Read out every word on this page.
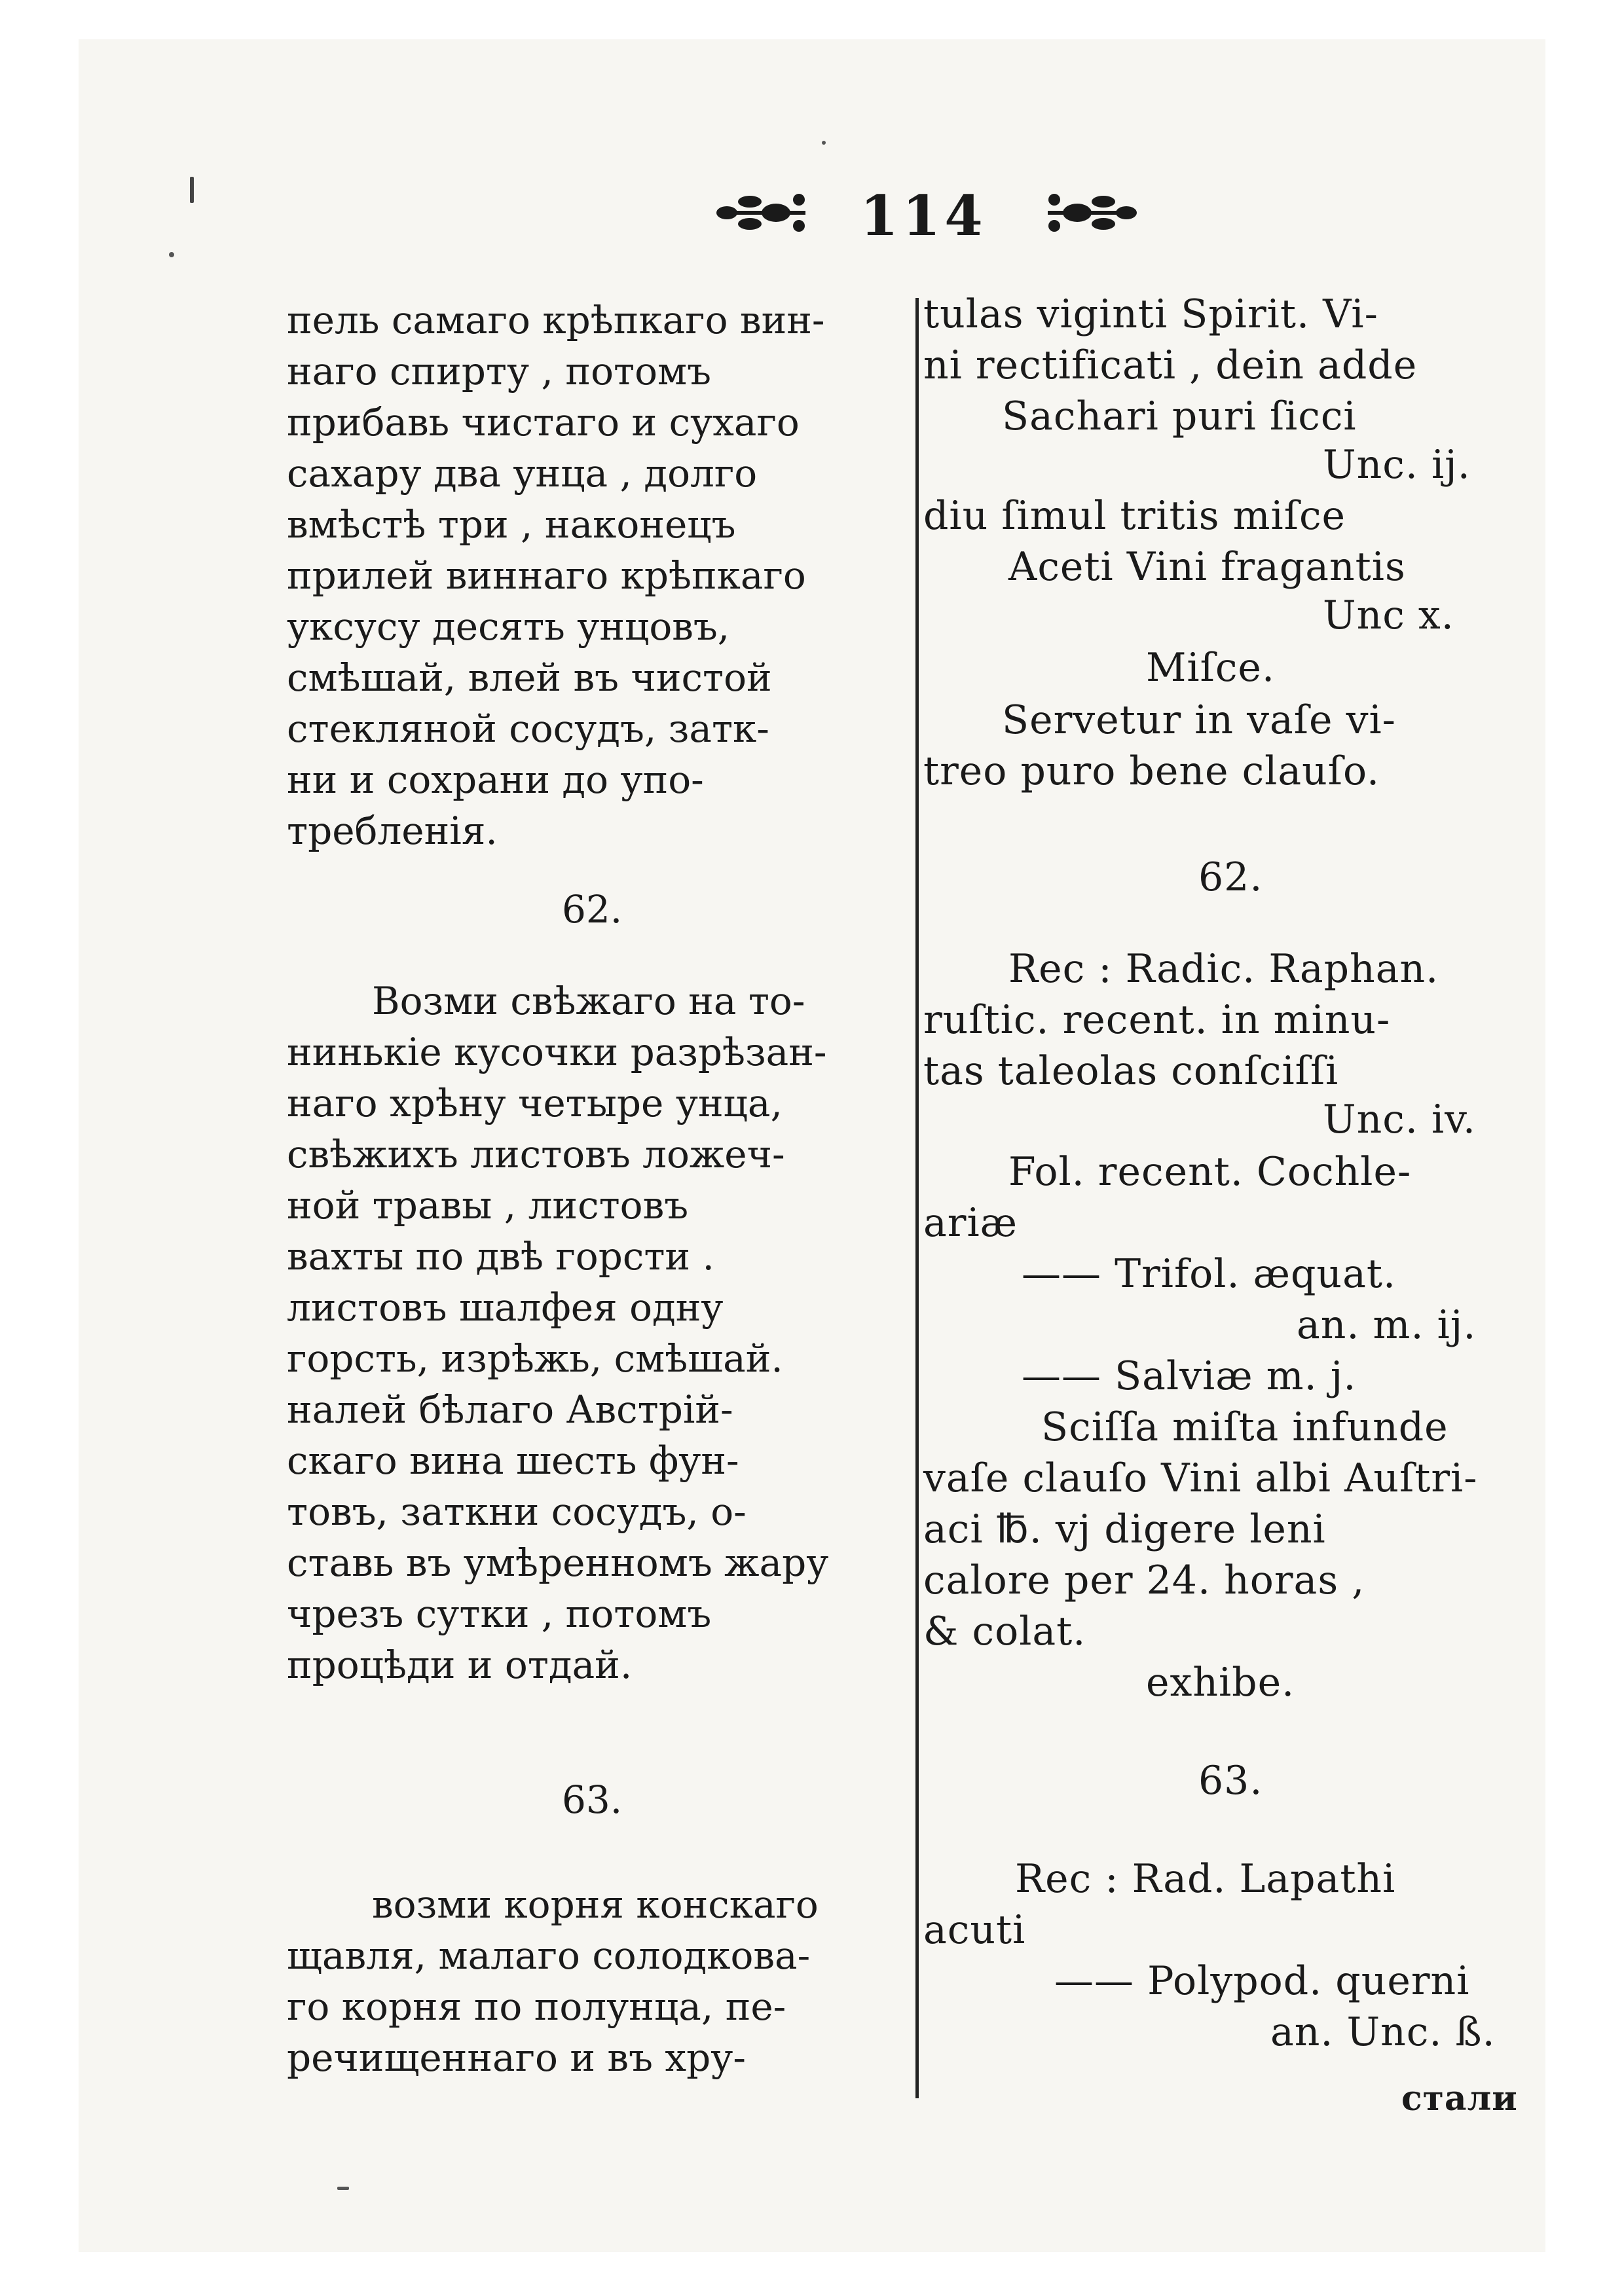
114
пель самаго крѣпкаго вин-
наго спирту , потомъ
прибавь чистаго и сухаго
сахару два унца , долго
вмѣстѣ три , наконецъ
прилей виннаго крѣпкаго
уксусу десять унцовъ,
смѣшай, влей въ чистой
стекляной сосудъ, затк-
ни и сохрани до упо-
требленія.
62.
Возми свѣжаго на то-
нинькіе кусочки разрѣзан-
наго хрѣну четыре унца,
свѣжихъ листовъ ложеч-
ной травы , листовъ
вахты по двѣ горсти .
листовъ шалфея одну
горсть, изрѣжь, смѣшай.
налей бѣлаго Австрій-
скаго вина шесть фун-
товъ, заткни сосудъ, о-
ставь въ умѣренномъ жару
чрезъ сутки , потомъ
процѣди и отдай.
63.
возми корня конскаго
щавля, малаго солодкова-
го корня по полунца, пе-
речищеннаго и въ хру-
tulas viginti Spirit. Vi-
ni rectificati , dein adde
Sachari puri ſicci
Unc. ij.
diu ſimul tritis miſce
Aceti Vini fragantis
Unc x.
Miſce.
Servetur in vaſe vi-
treo puro bene clauſo.
62.
Rec : Radic. Raphan.
ruſtic. recent. in minu-
tas taleolas conſciſſi
Unc. iv.
Fol. recent. Cochle-
ariæ
—— Trifol. æquat.
an. m. ij.
—— Salviæ m. j.
Sciſſa miſta infunde
vaſe clauſo Vini albi Auſtri-
aci ℔. vj digere leni
calore per 24. horas ,
& colat.
exhibe.
63.
Rec : Rad. Lapathi
acuti
—— Polypod. querni
an. Unc. ß.
стали
